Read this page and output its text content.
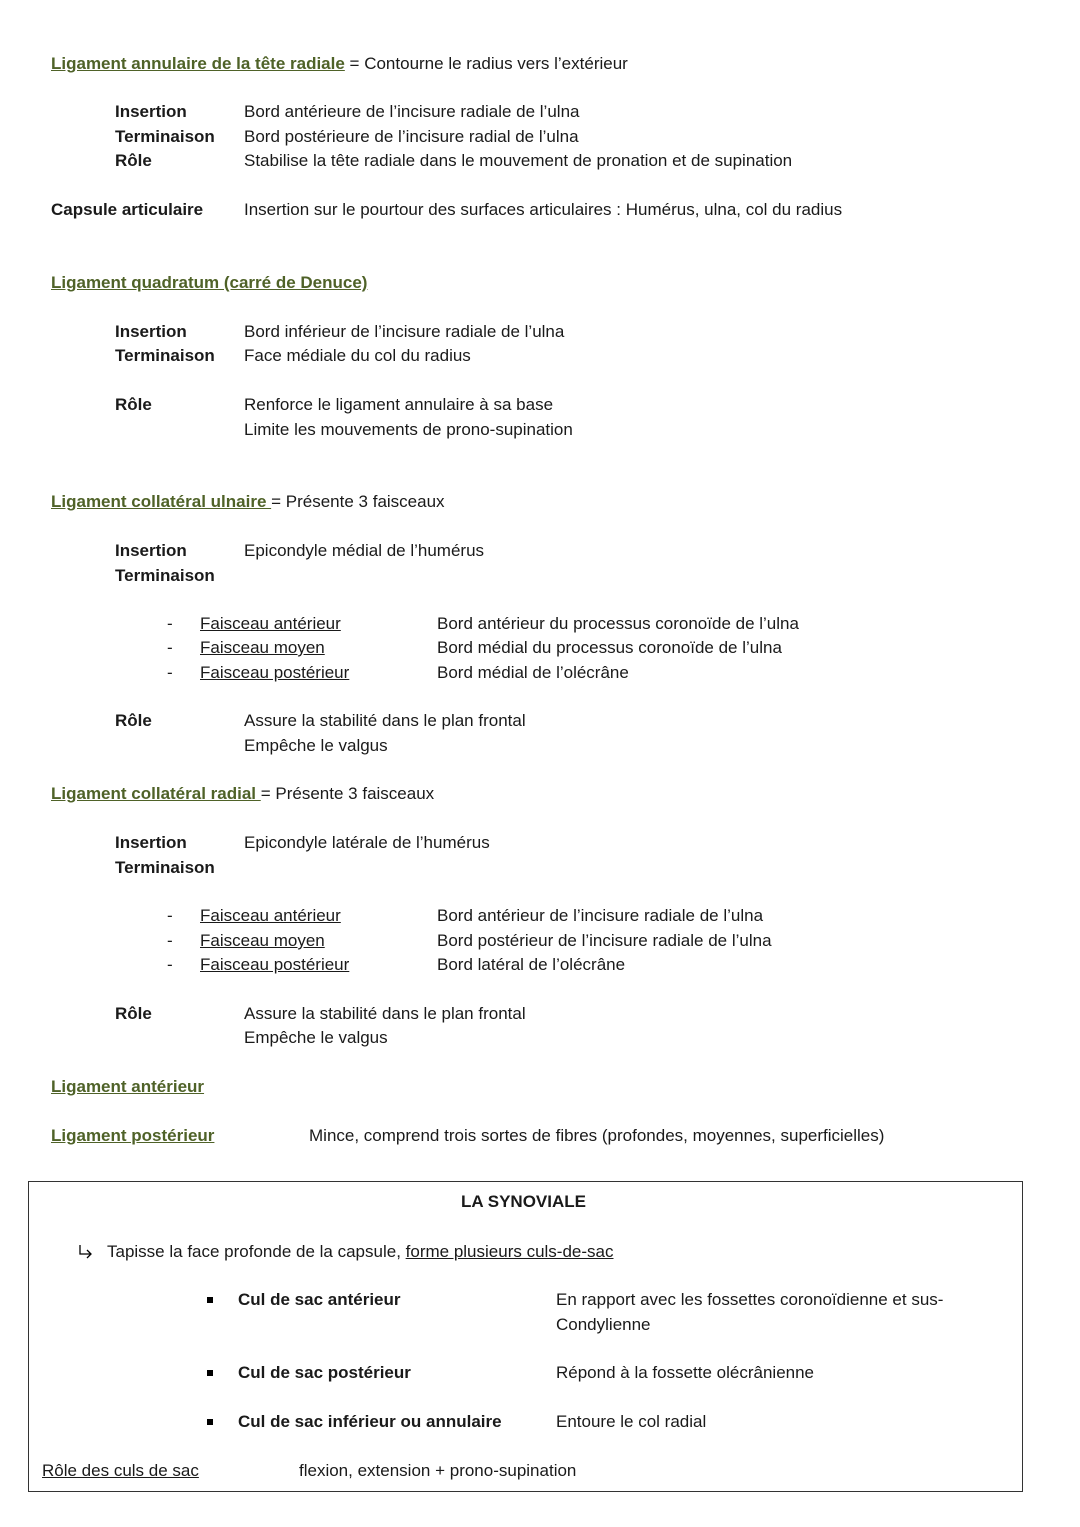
Ligament annulaire de la tête radiale = Contourne le radius vers l’extérieur
Insertion	Bord antérieure de l’incisure radiale de l’ulna
Terminaison Bord postérieure de l’incisure radial de l’ulna
Rôle	Stabilise la tête radiale dans le mouvement de pronation et de supination
Capsule articulaire Insertion sur le pourtour des surfaces articulaires : Humérus, ulna, col du radius
Ligament quadratum (carré de Denuce)
Insertion	Bord inférieur de l’incisure radiale de l’ulna
Terminaison Face médiale du col du radius
Rôle	Renforce le ligament annulaire à sa base
Limite les mouvements de prono-supination
Ligament collatéral ulnaire = Présente 3 faisceaux
Insertion	Epicondyle médial de l’humérus
Terminaison
- Faisceau antérieur	Bord antérieur du processus coronoïde de l’ulna
- Faisceau moyen	Bord médial du processus coronoïde de l’ulna
- Faisceau postérieur	Bord médial de l’olécrâne
Rôle	Assure la stabilité dans le plan frontal
Empêche le valgus
Ligament collatéral radial = Présente 3 faisceaux
Insertion	Epicondyle latérale de l’humérus
Terminaison
- Faisceau antérieur	Bord antérieur de l’incisure radiale de l’ulna
- Faisceau moyen	Bord postérieur de l’incisure radiale de l’ulna
- Faisceau postérieur	Bord latéral de l’olécrâne
Rôle	Assure la stabilité dans le plan frontal
Empêche le valgus
Ligament antérieur
Ligament postérieur	Mince, comprend trois sortes de fibres (profondes, moyennes, superficielles)
LA SYNOVIALE
Tapisse la face profonde de la capsule, forme plusieurs culs-de-sac
Cul de sac antérieur	En rapport avec les fossettes coronoïdienne et sus-
Condylienne
Cul de sac postérieur	Répond à la fossette olécrânienne
Cul de sac inférieur ou annulaire	Entoure le col radial
Rôle des culs de sac	flexion, extension + prono-supination
